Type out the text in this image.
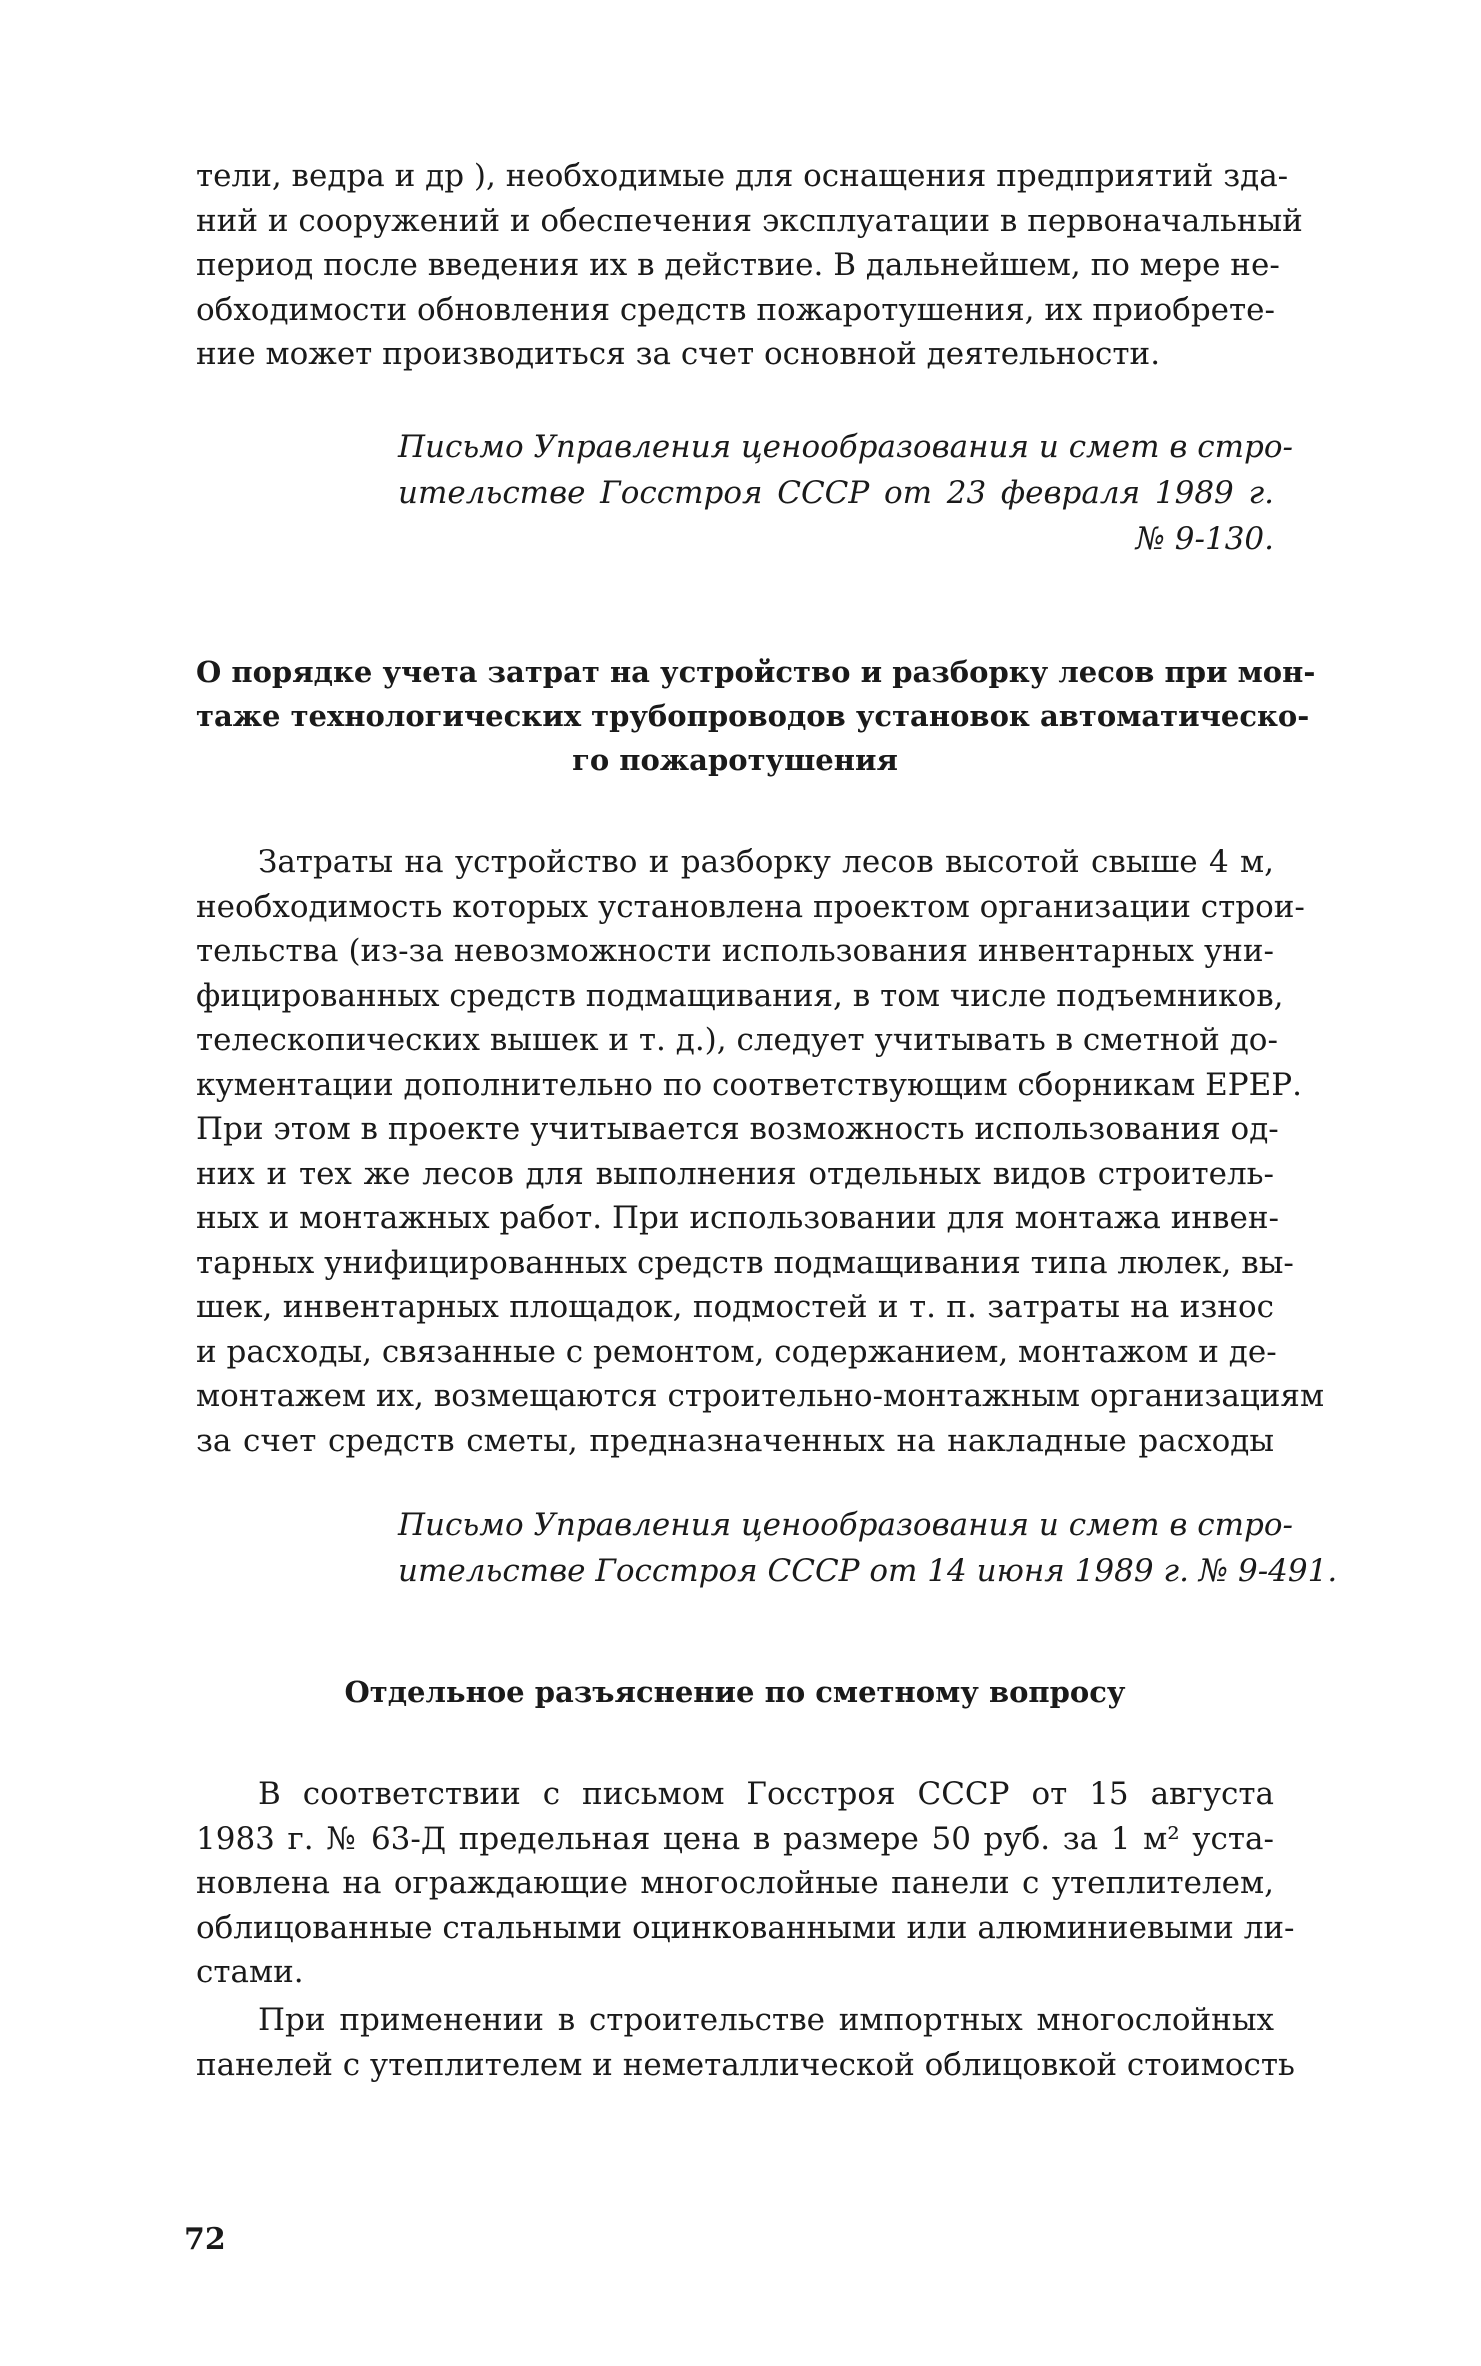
тели, ведра и др ), необходимые для оснащения предприятий зда-
ний и сооружений и обеспечения эксплуатации в первоначальный
период после введения их в действие. В дальнейшем, по мере не-
обходимости обновления средств пожаротушения, их приобрете-
ние может производиться за счет основной деятельности.
Письмо Управления ценообразования и смет в стро-
ительстве Госстроя СССР от 23 февраля 1989 г.
№ 9-130.
О порядке учета затрат на устройство и разборку лесов при мон-
таже технологических трубопроводов установок автоматическо-
го пожаротушения
Затраты на устройство и разборку лесов высотой свыше 4 м,
необходимость которых установлена проектом организации строи-
тельства (из-за невозможности использования инвентарных уни-
фицированных средств подмащивания, в том числе подъемников,
телескопических вышек и т. д.), следует учитывать в сметной до-
кументации дополнительно по соответствующим сборникам ЕРЕР.
При этом в проекте учитывается возможность использования од-
них и тех же лесов для выполнения отдельных видов строитель-
ных и монтажных работ. При использовании для монтажа инвен-
тарных унифицированных средств подмащивания типа люлек, вы-
шек, инвентарных площадок, подмостей и т. п. затраты на износ
и расходы, связанные с ремонтом, содержанием, монтажом и де-
монтажем их, возмещаются строительно-монтажным организациям
за счет средств сметы, предназначенных на накладные расходы
Письмо Управления ценообразования и смет в стро-
ительстве Госстроя СССР от 14 июня 1989 г. № 9-491.
Отдельное разъяснение по сметному вопросу
В соответствии с письмом Госстроя СССР от 15 августа
1983 г. № 63-Д предельная цена в размере 50 руб. за 1 м² уста-
новлена на ограждающие многослойные панели с утеплителем,
облицованные стальными оцинкованными или алюминиевыми ли-
стами.
При применении в строительстве импортных многослойных
панелей с утеплителем и неметаллической облицовкой стоимость
72
